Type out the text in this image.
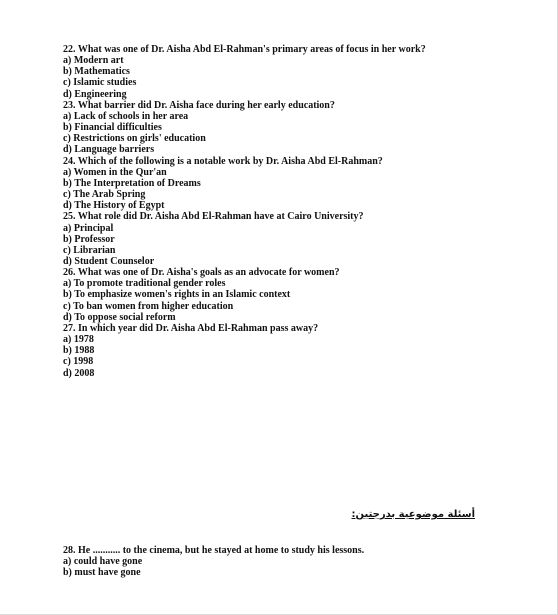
22. What was one of Dr. Aisha Abd El-Rahman's primary areas of focus in her work?
a) Modern art
b) Mathematics
c) Islamic studies
d) Engineering
23. What barrier did Dr. Aisha face during her early education?
a) Lack of schools in her area
b) Financial difficulties
c) Restrictions on girls' education
d) Language barriers
24. Which of the following is a notable work by Dr. Aisha Abd El-Rahman?
a) Women in the Qur'an
b) The Interpretation of Dreams
c) The Arab Spring
d) The History of Egypt
25. What role did Dr. Aisha Abd El-Rahman have at Cairo University?
a) Principal
b) Professor
c) Librarian
d) Student Counselor
26. What was one of Dr. Aisha's goals as an advocate for women?
a) To promote traditional gender roles
b) To emphasize women's rights in an Islamic context
c) To ban women from higher education
d) To oppose social reform
27. In which year did Dr. Aisha Abd El-Rahman pass away?
a) 1978
b) 1988
c) 1998
d) 2008
أسئلة موضوعية بدرجتين:
28. He ........... to the cinema, but he stayed at home to study his lessons.
a) could have gone
b) must have gone
